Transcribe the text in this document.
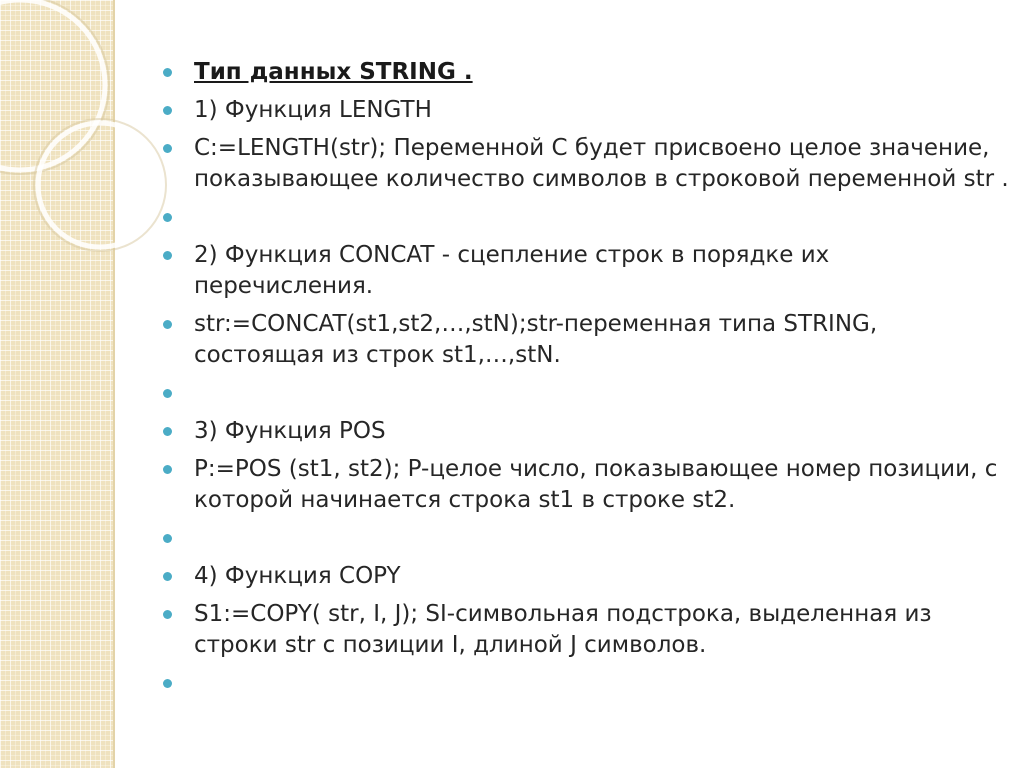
Тип данных STRING .
1) Функция LENGTH
C:=LENGTH(str); Переменной С будет присвоено целое значение, показывающее количество символов в строковой переменной str .
2) Функция CONCAT - сцепление строк в порядке их перечисления.
str:=CONCAT(st1,st2,…,stN);str-переменная типа STRING, состоящая из строк st1,…,stN.
3) Функция POS
P:=POS (st1, st2); P-целое число, показывающее номер позиции, с которой начинается строка st1 в строке st2.
4) Функция COPY
S1:=COPY( str, I, J); SI-символьная подстрока, выделенная из строки str с позиции I, длиной J символов.
